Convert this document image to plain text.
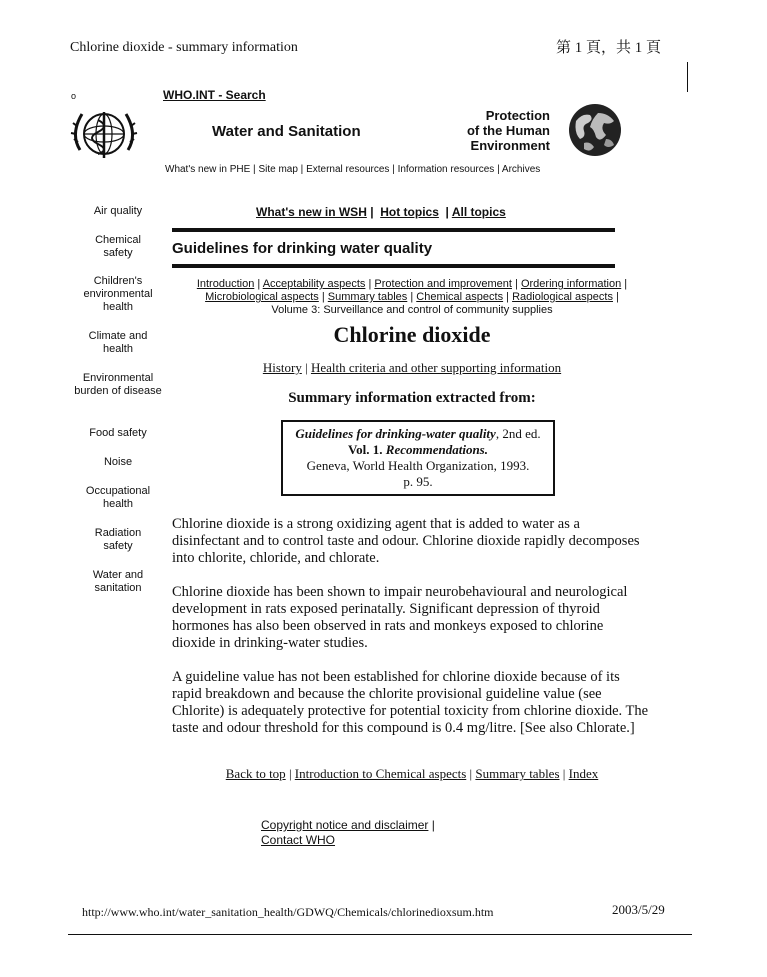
Chlorine dioxide - summary information	第 1 頁，共 1 頁
o	WHO.INT - Search
Water and Sanitation
Protection
of the Human
Environment
What's new in PHE | Site map | External resources | Information resources | Archives
Air quality
Chemical safety
Children's environmental health
Climate and health
Environmental burden of disease
Food safety
Noise
Occupational health
Radiation safety
Water and sanitation
What's new in WSH |  Hot topics  | All topics
Guidelines for drinking water quality
Introduction | Acceptability aspects | Protection and improvement | Ordering information |
Microbiological aspects | Summary tables | Chemical aspects | Radiological aspects |
Volume 3: Surveillance and control of community supplies
Chlorine dioxide
History | Health criteria and other supporting information
Summary information extracted from:
Guidelines for drinking-water quality, 2nd ed.
Vol. 1. Recommendations.
Geneva, World Health Organization, 1993.
p. 95.

Chlorine dioxide is a strong oxidizing agent that is added to water as a disinfectant and to control taste and odour. Chlorine dioxide rapidly decomposes into chlorite, chloride, and chlorate.

Chlorine dioxide has been shown to impair neurobehavioural and neurological development in rats exposed perinatally. Significant depression of thyroid hormones has also been observed in rats and monkeys exposed to chlorine dioxide in drinking-water studies.

A guideline value has not been established for chlorine dioxide because of its rapid breakdown and because the chlorite provisional guideline value (see Chlorite) is adequately protective for potential toxicity from chlorine dioxide. The taste and odour threshold for this compound is 0.4 mg/litre. [See also Chlorate.]

Back to top | Introduction to Chemical aspects | Summary tables | Index
Copyright notice and disclaimer |
Contact WHO
http://www.who.int/water_sanitation_health/GDWQ/Chemicals/chlorinedioxsum.htm	2003/5/29
